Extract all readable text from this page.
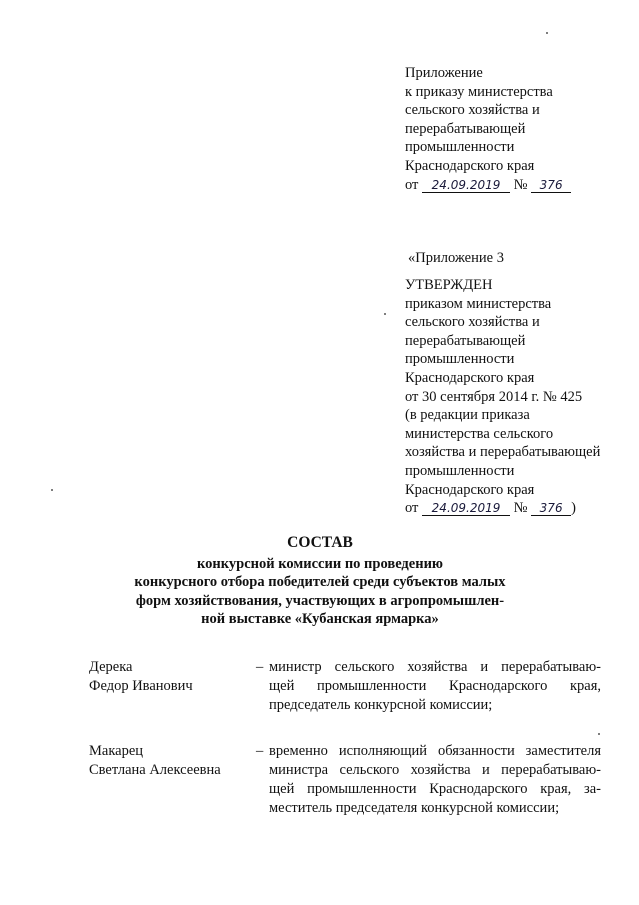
Приложение
к приказу министерства
сельского хозяйства и
перерабатывающей
промышленности
Краснодарского края
от 24.09.2019 № 376
«Приложение 3
УТВЕРЖДЕН
приказом министерства
сельского хозяйства и
перерабатывающей
промышленности
Краснодарского края
от 30 сентября 2014 г. № 425
(в редакции приказа
министерства сельского
хозяйства и перерабатывающей
промышленности
Краснодарского края
от 24.09.2019 № 376 )
СОСТАВ
конкурсной комиссии по проведению
конкурсного отбора победителей среди субъектов малых
форм хозяйствования, участвующих в агропромышлен-
ной выставке «Кубанская ярмарка»
Дерека
Федор Иванович
– министр сельского хозяйства и перерабатываю-
щей промышленности Краснодарского края,
председатель конкурсной комиссии;
Макарец
Светлана Алексеевна
– временно исполняющий обязанности заместителя
министра сельского хозяйства и перерабатываю-
щей промышленности Краснодарского края, за-
меститель председателя конкурсной комиссии;
